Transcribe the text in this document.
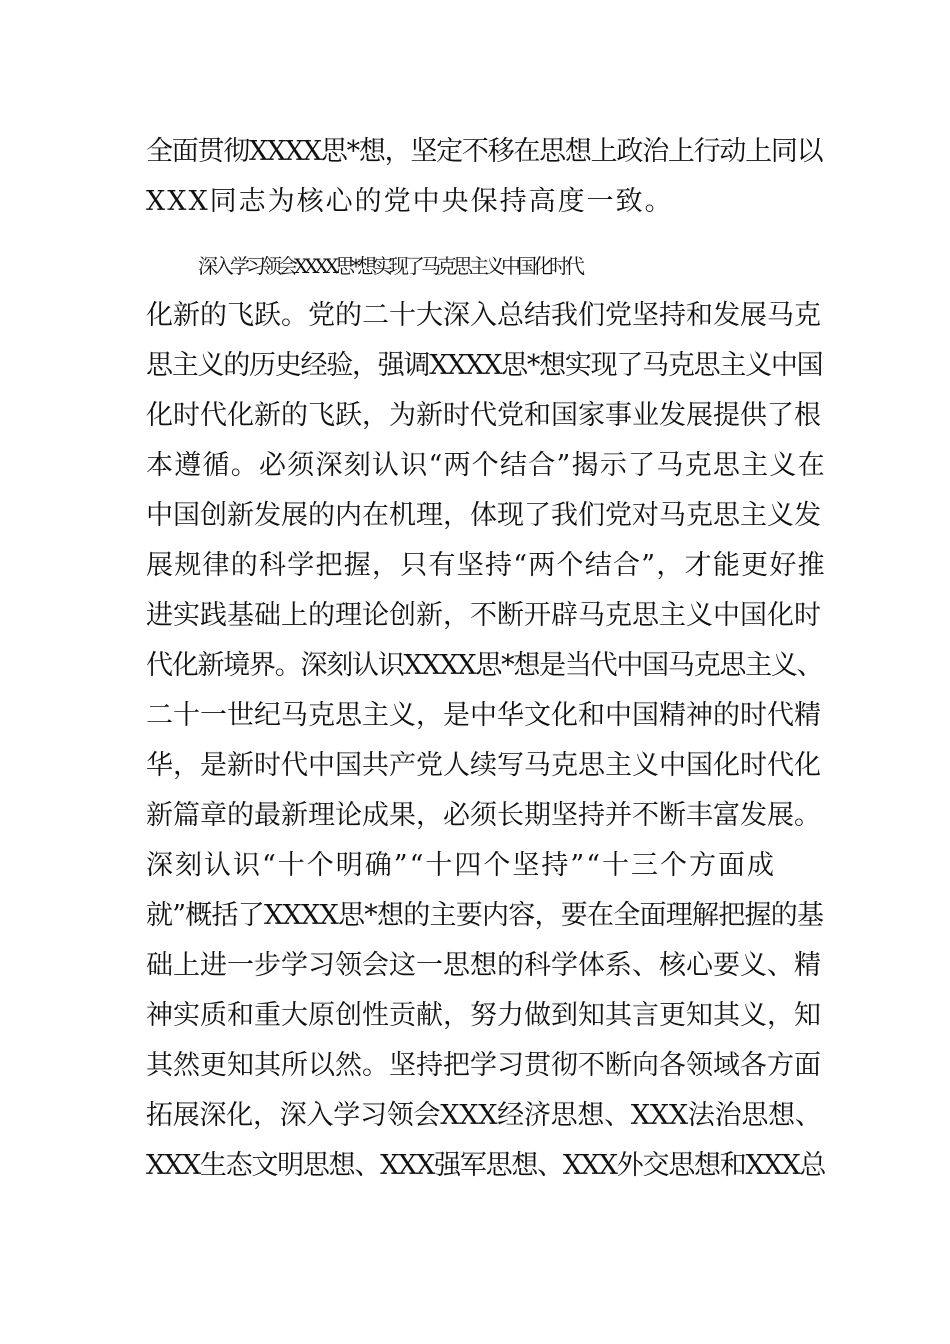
全面贯彻XXXX思*想，坚定不移在思想上政治上行动上同以
XXX同志为核心的党中央保持高度一致。
深入学习领会XXXX思*想实现了马克思主义中国化时代
化新的飞跃。党的二十大深入总结我们党坚持和发展马克
思主义的历史经验，强调XXXX思*想实现了马克思主义中国
化时代化新的飞跃，为新时代党和国家事业发展提供了根
本遵循。必须深刻认识“两个结合”揭示了马克思主义在
中国创新发展的内在机理，体现了我们党对马克思主义发
展规律的科学把握，只有坚持“两个结合”，才能更好推
进实践基础上的理论创新，不断开辟马克思主义中国化时
代化新境界。深刻认识XXXX思*想是当代中国马克思主义、
二十一世纪马克思主义，是中华文化和中国精神的时代精
华，是新时代中国共产党人续写马克思主义中国化时代化
新篇章的最新理论成果，必须长期坚持并不断丰富发展。
深刻认识“十个明确”“十四个坚持”“十三个方面成
就”概括了XXXX思*想的主要内容，要在全面理解把握的基
础上进一步学习领会这一思想的科学体系、核心要义、精
神实质和重大原创性贡献，努力做到知其言更知其义，知
其然更知其所以然。坚持把学习贯彻不断向各领域各方面
拓展深化，深入学习领会XXX经济思想、XXX法治思想、
XXX生态文明思想、XXX强军思想、XXX外交思想和XXX总
